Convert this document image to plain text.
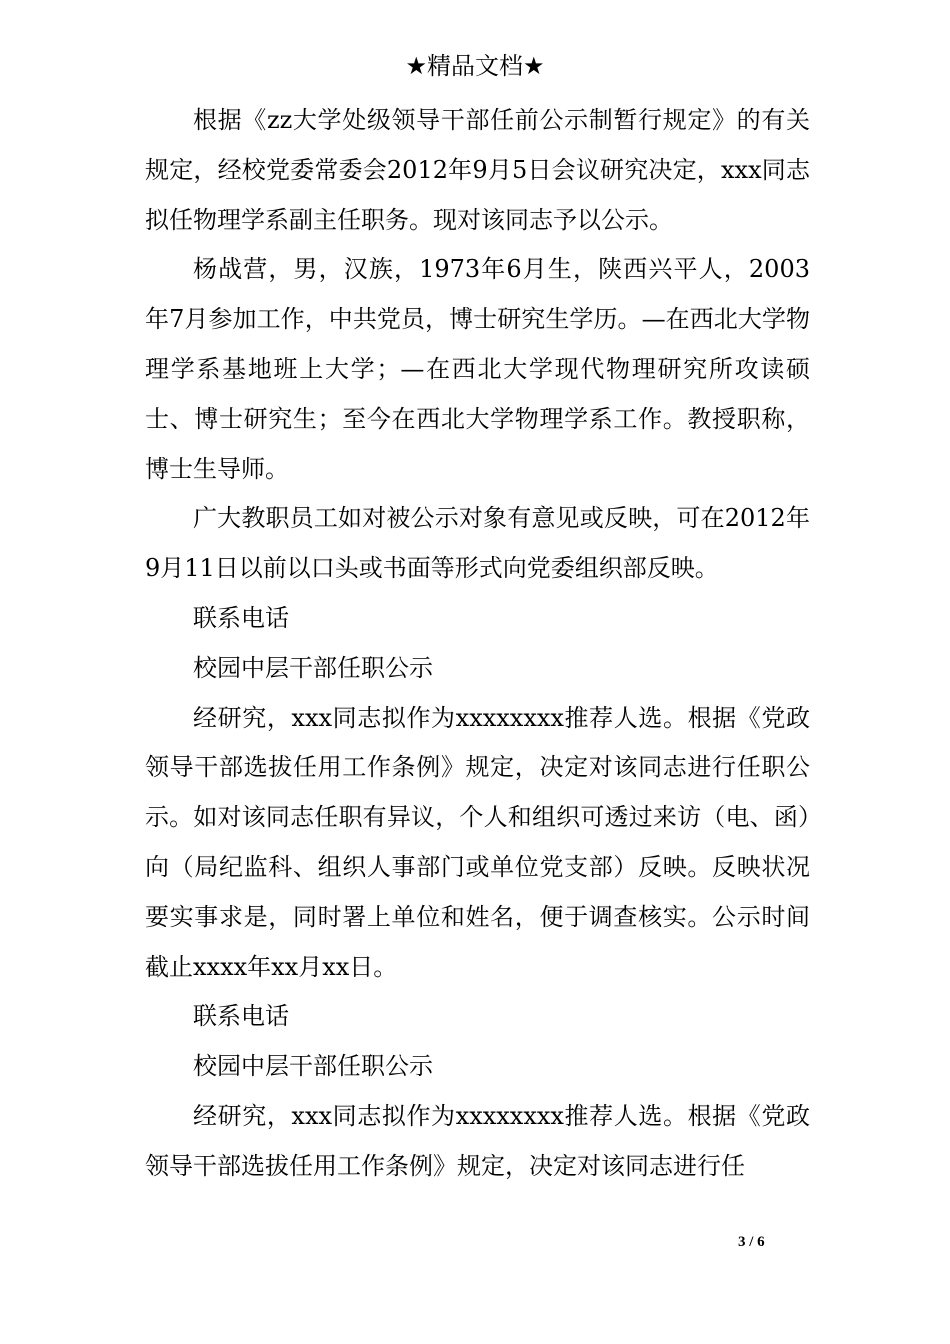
★精品文档★

根据《zz大学处级领导干部任前公示制暂行规定》的有关规定，经校党委常委会2012年9月5日会议研究决定，xxx同志拟任物理学系副主任职务。现对该同志予以公示。

杨战营，男，汉族，1973年6月生，陕西兴平人，2003年7月参加工作，中共党员，博士研究生学历。—在西北大学物理学系基地班上大学；—在西北大学现代物理研究所攻读硕士、博士研究生；至今在西北大学物理学系工作。教授职称，博士生导师。

广大教职员工如对被公示对象有意见或反映，可在2012年9月11日以前以口头或书面等形式向党委组织部反映。

联系电话

校园中层干部任职公示

经研究，xxx同志拟作为xxxxxxxx推荐人选。根据《党政领导干部选拔任用工作条例》规定，决定对该同志进行任职公示。如对该同志任职有异议，个人和组织可透过来访（电、函）向（局纪监科、组织人事部门或单位党支部）反映。反映状况要实事求是，同时署上单位和姓名，便于调查核实。公示时间截止xxxx年xx月xx日。

联系电话

校园中层干部任职公示

经研究，xxx同志拟作为xxxxxxxx推荐人选。根据《党政领导干部选拔任用工作条例》规定，决定对该同志进行任

3 / 6
